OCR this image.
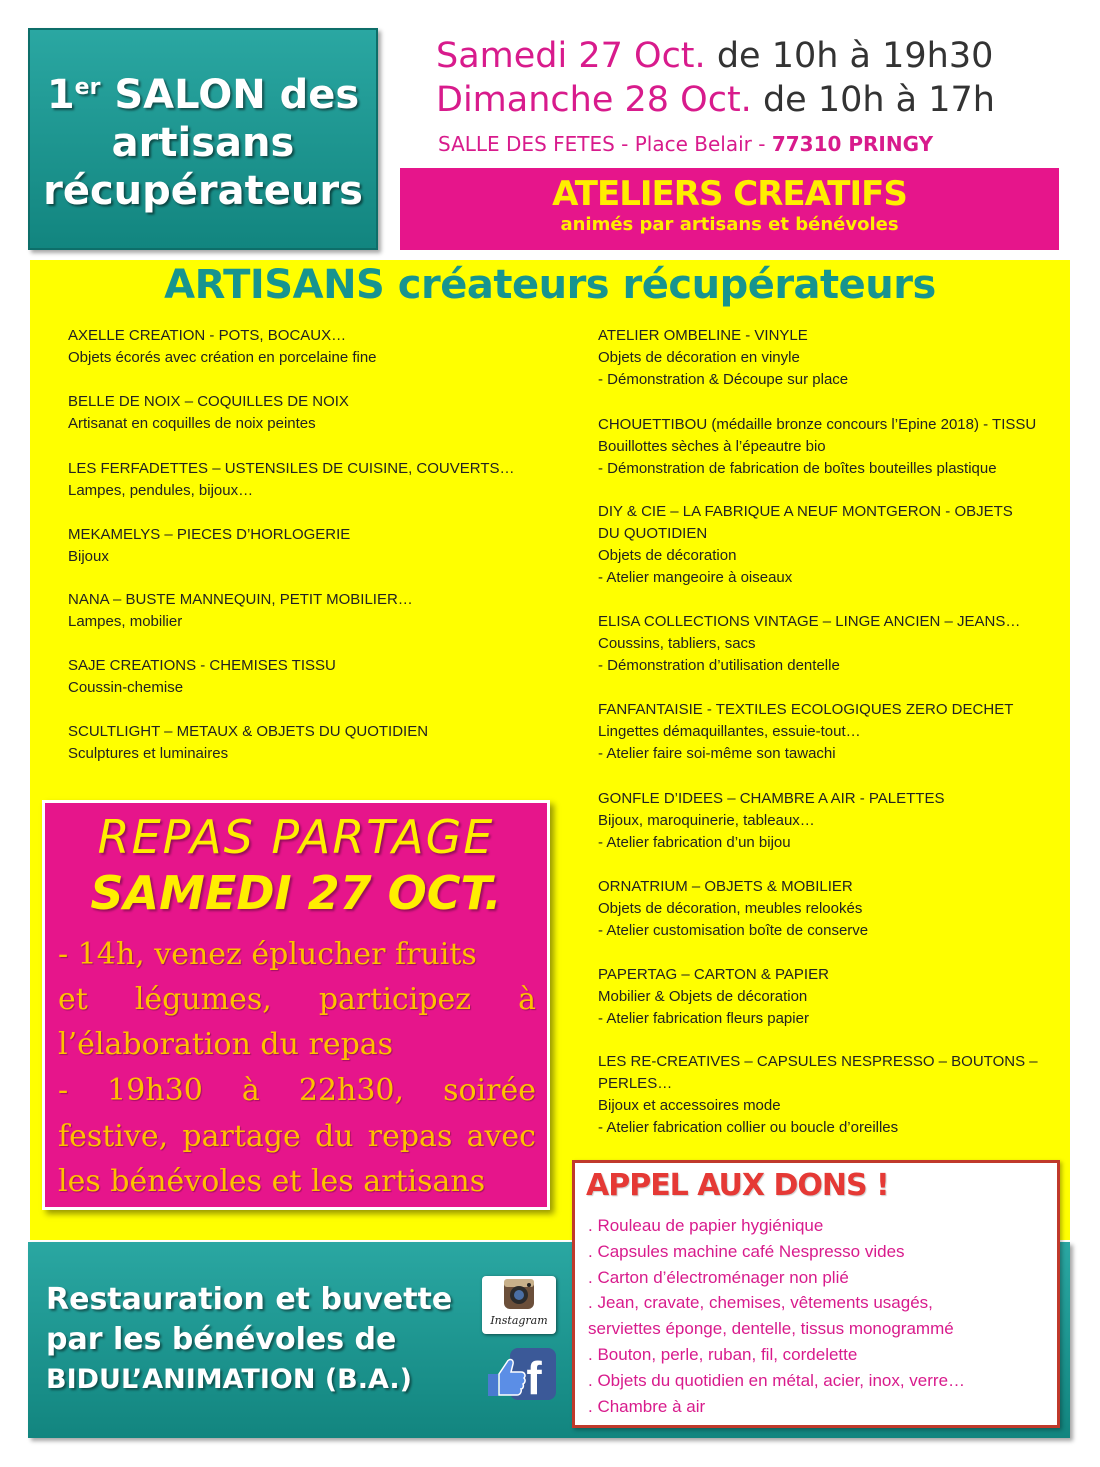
1er SALON des
artisans
récupérateurs
Samedi 27 Oct. de 10h à 19h30
Dimanche 28 Oct. de 10h à 17h
SALLE DES FETES - Place Belair - 77310 PRINGY
ATELIERS CREATIFS
animés par artisans et bénévoles
ARTISANS créateurs récupérateurs
AXELLE CREATION - POTS, BOCAUX…
Objets écorés avec création en porcelaine fine
BELLE DE NOIX – COQUILLES DE NOIX
Artisanat en coquilles de noix peintes
LES FERFADETTES – USTENSILES DE CUISINE, COUVERTS…
Lampes, pendules, bijoux…
MEKAMELYS – PIECES D’HORLOGERIE
Bijoux
NANA – BUSTE MANNEQUIN, PETIT MOBILIER…
Lampes, mobilier
SAJE CREATIONS - CHEMISES TISSU
Coussin-chemise
SCULTLIGHT – METAUX & OBJETS DU QUOTIDIEN
Sculptures et luminaires
ATELIER OMBELINE - VINYLE
Objets de décoration en vinyle
- Démonstration & Découpe sur place
CHOUETTIBOU (médaille bronze concours l’Epine 2018) - TISSU
Bouillottes sèches à l’épeautre bio
- Démonstration de fabrication de boîtes bouteilles plastique
DIY & CIE – LA FABRIQUE A NEUF MONTGERON - OBJETS
DU QUOTIDIEN
Objets de décoration
- Atelier mangeoire à oiseaux
ELISA COLLECTIONS VINTAGE – LINGE ANCIEN – JEANS…
Coussins, tabliers, sacs
- Démonstration d’utilisation dentelle
FANFANTAISIE - TEXTILES ECOLOGIQUES ZERO DECHET
Lingettes démaquillantes, essuie-tout…
- Atelier faire soi-même son tawachi
GONFLE D’IDEES – CHAMBRE A AIR - PALETTES
Bijoux, maroquinerie, tableaux…
- Atelier fabrication d’un bijou
ORNATRIUM – OBJETS & MOBILIER
Objets de décoration, meubles relookés
- Atelier customisation boîte de conserve
PAPERTAG – CARTON & PAPIER
Mobilier & Objets de décoration
- Atelier fabrication fleurs papier
LES RE-CREATIVES – CAPSULES NESPRESSO – BOUTONS –
PERLES…
Bijoux et accessoires mode
- Atelier fabrication collier ou boucle d’oreilles
REPAS PARTAGE
SAMEDI 27 OCT.
- 14h, venez éplucher fruits
et légumes, participez à
l’élaboration du repas
- 19h30 à 22h30, soirée
festive, partage du repas avec
les bénévoles et les artisans
Restauration et buvette
par les bénévoles de
BIDUL’ANIMATION (B.A.)
Instagram
f
APPEL AUX DONS !
. Rouleau de papier hygiénique
. Capsules machine café Nespresso vides
. Carton d’électroménager non plié
. Jean, cravate, chemises, vêtements usagés,
serviettes éponge, dentelle, tissus monogrammé
. Bouton, perle, ruban, fil, cordelette
. Objets du quotidien en métal, acier, inox, verre…
. Chambre à air
